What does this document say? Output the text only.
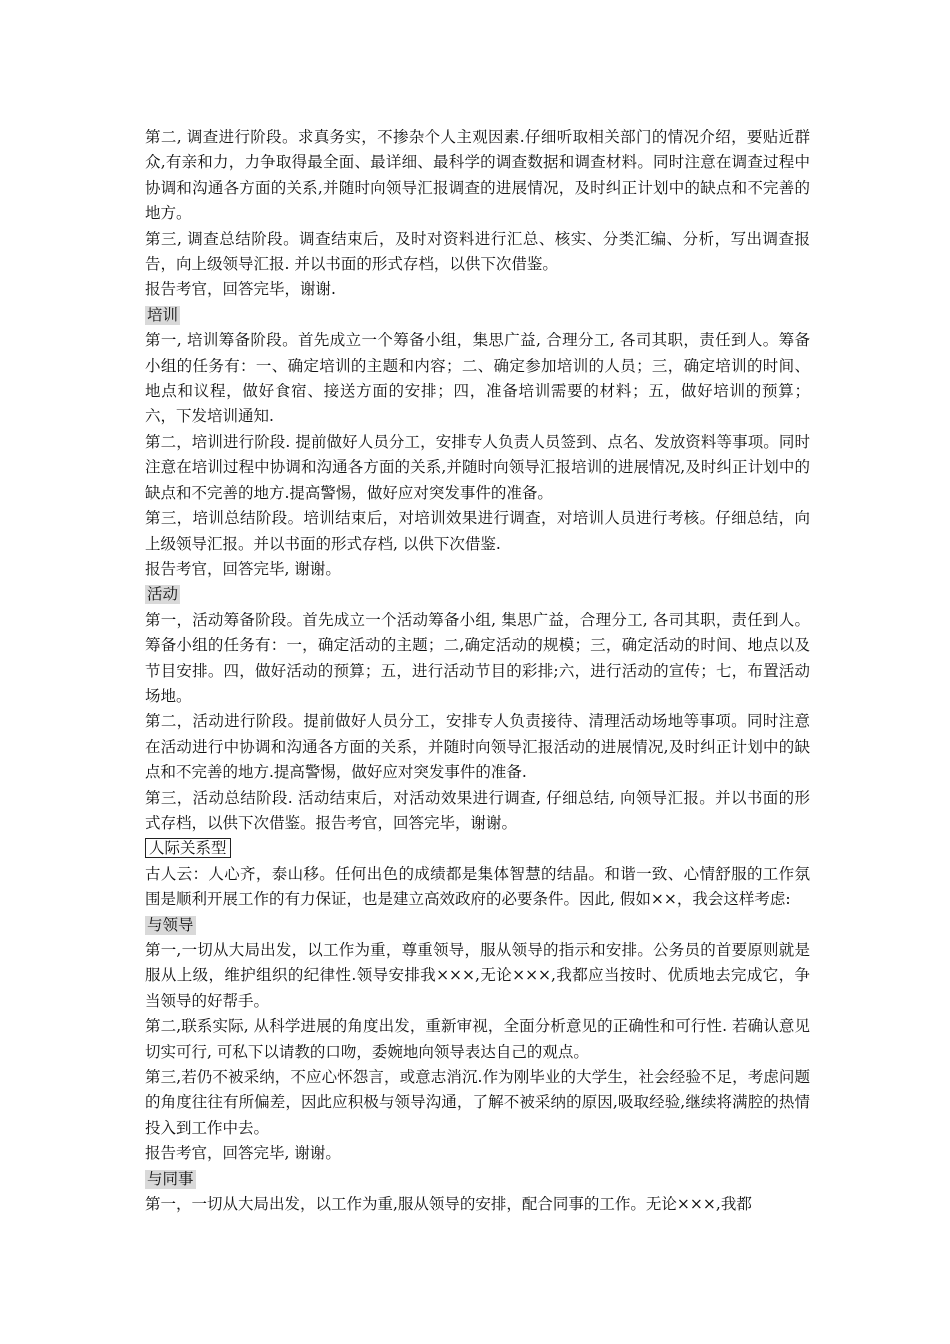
第二, 调查进行阶段。求真务实，不掺杂个人主观因素.仔细听取相关部门的情况介绍，要贴近群众,有亲和力，力争取得最全面、最详细、最科学的调查数据和调查材料。同时注意在调查过程中协调和沟通各方面的关系,并随时向领导汇报调查的进展情况，及时纠正计划中的缺点和不完善的地方。
第三, 调查总结阶段。调查结束后，及时对资料进行汇总、核实、分类汇编、分析，写出调查报告，向上级领导汇报. 并以书面的形式存档，以供下次借鉴。
报告考官，回答完毕，谢谢.
培训
第一, 培训筹备阶段。首先成立一个筹备小组，集思广益, 合理分工, 各司其职，责任到人。筹备小组的任务有：一、确定培训的主题和内容；二、确定参加培训的人员；三，确定培训的时间、地点和议程，做好食宿、接送方面的安排；四，准备培训需要的材料；五，做好培训的预算；六，下发培训通知.
第二，培训进行阶段. 提前做好人员分工，安排专人负责人员签到、点名、发放资料等事项。同时注意在培训过程中协调和沟通各方面的关系,并随时向领导汇报培训的进展情况,及时纠正计划中的缺点和不完善的地方.提高警惕，做好应对突发事件的准备。
第三，培训总结阶段。培训结束后，对培训效果进行调查，对培训人员进行考核。仔细总结，向上级领导汇报。并以书面的形式存档, 以供下次借鉴.
报告考官，回答完毕, 谢谢。
活动
第一，活动筹备阶段。首先成立一个活动筹备小组, 集思广益，合理分工, 各司其职，责任到人。筹备小组的任务有：一，确定活动的主题；二,确定活动的规模；三，确定活动的时间、地点以及节目安排。四，做好活动的预算；五，进行活动节目的彩排;六，进行活动的宣传；七，布置活动场地。
第二，活动进行阶段。提前做好人员分工，安排专人负责接待、清理活动场地等事项。同时注意在活动进行中协调和沟通各方面的关系，并随时向领导汇报活动的进展情况,及时纠正计划中的缺点和不完善的地方.提高警惕，做好应对突发事件的准备.
第三，活动总结阶段. 活动结束后，对活动效果进行调查, 仔细总结, 向领导汇报。并以书面的形式存档，以供下次借鉴。报告考官，回答完毕，谢谢。
人际关系型
古人云：人心齐，泰山移。任何出色的成绩都是集体智慧的结晶。和谐一致、心情舒服的工作氛围是顺利开展工作的有力保证，也是建立高效政府的必要条件。因此, 假如××，我会这样考虑:
与领导
第一,一切从大局出发，以工作为重，尊重领导，服从领导的指示和安排。公务员的首要原则就是服从上级，维护组织的纪律性.领导安排我×××,无论×××,我都应当按时、优质地去完成它，争当领导的好帮手。
第二,联系实际, 从科学进展的角度出发，重新审视，全面分析意见的正确性和可行性. 若确认意见切实可行, 可私下以请教的口吻，委婉地向领导表达自己的观点。
第三,若仍不被采纳，不应心怀怨言，或意志消沉.作为刚毕业的大学生，社会经验不足，考虑问题的角度往往有所偏差，因此应积极与领导沟通，了解不被采纳的原因,吸取经验,继续将满腔的热情投入到工作中去。
报告考官，回答完毕, 谢谢。
与同事
第一，一切从大局出发，以工作为重,服从领导的安排，配合同事的工作。无论×××,我都
